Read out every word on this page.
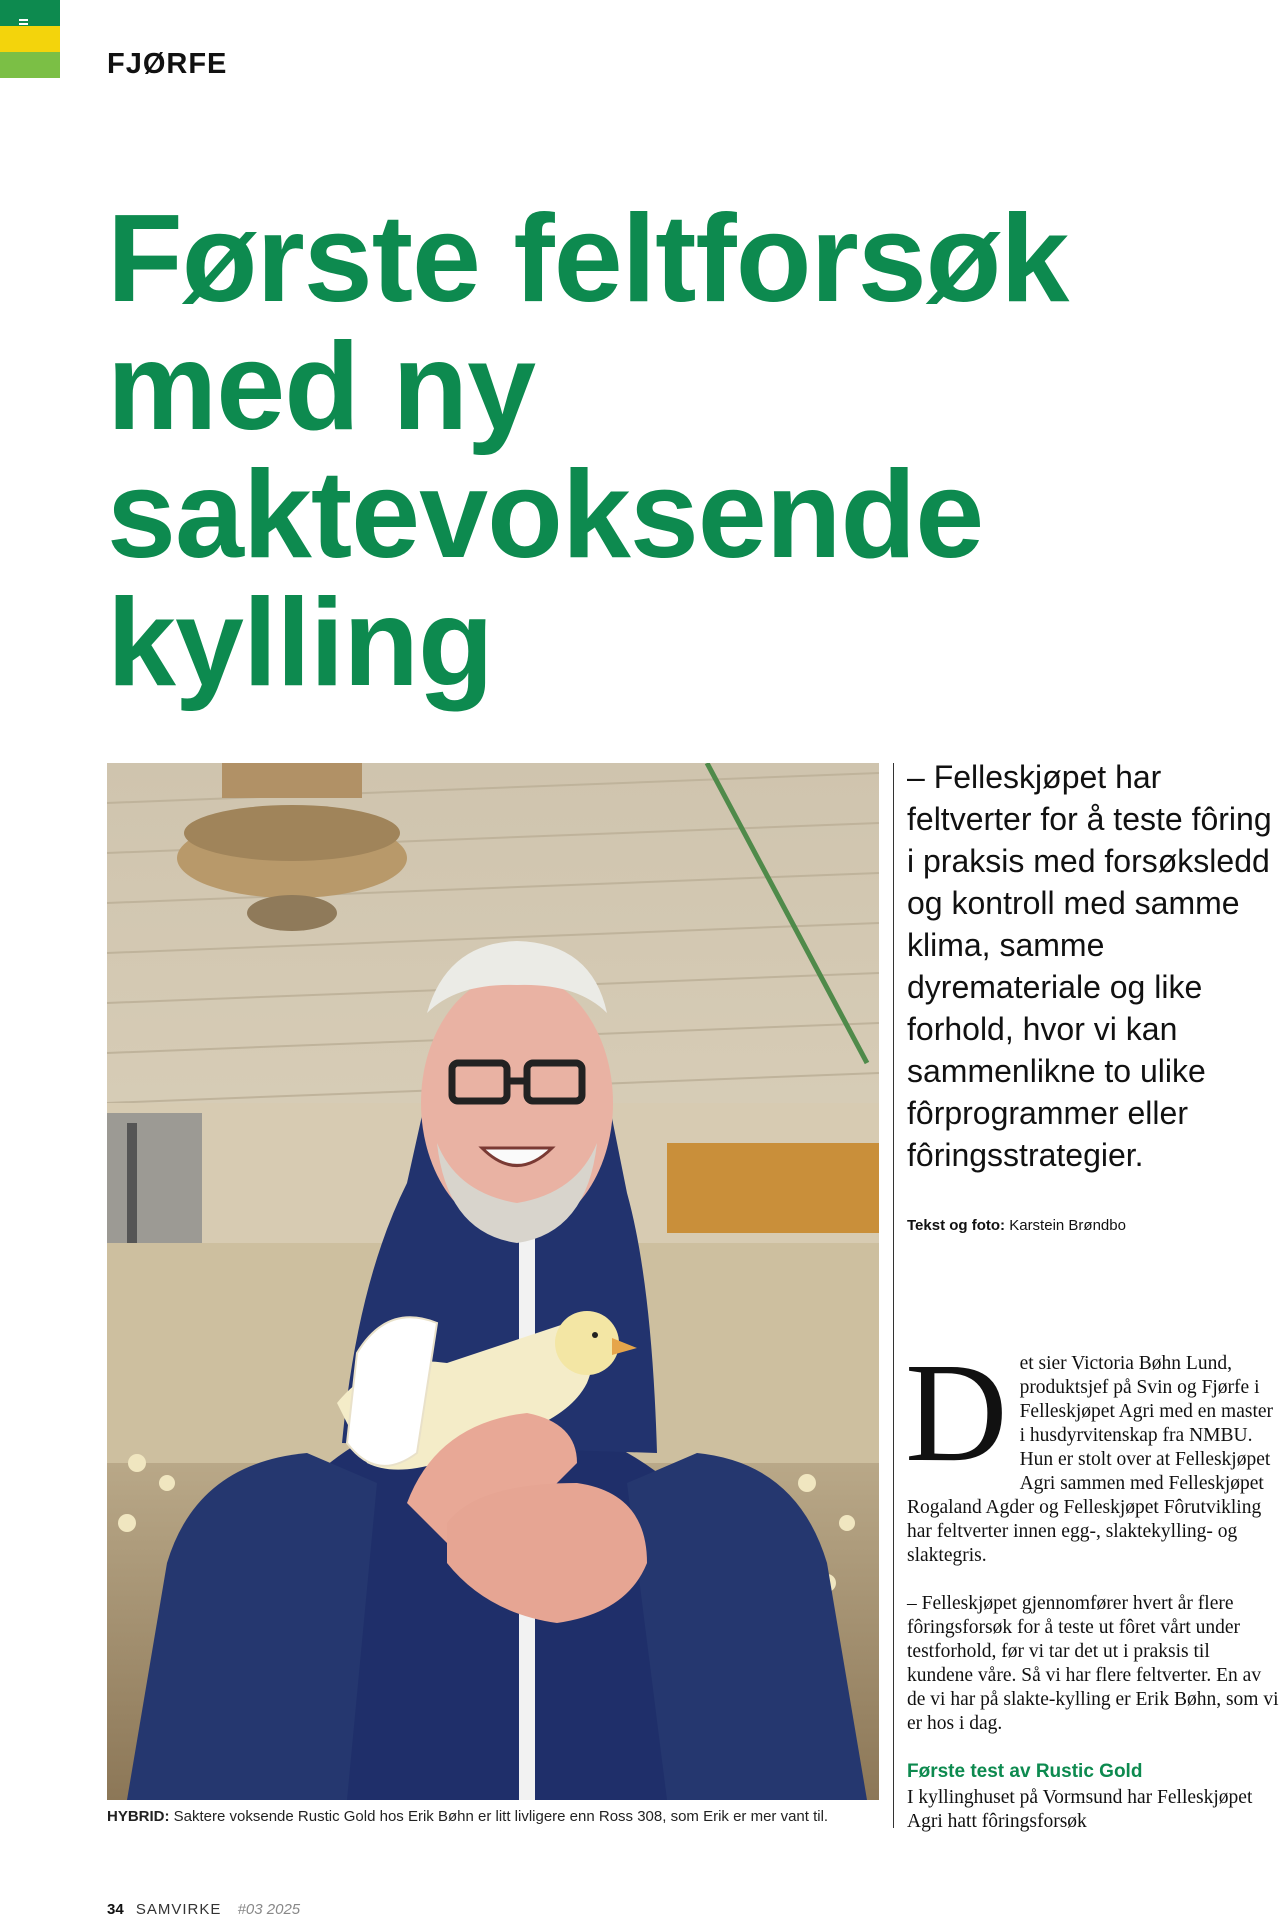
FJØRFE
Første feltforsøk med ny saktevoksende kylling
HYBRID: Saktere voksende Rustic Gold hos Erik Bøhn er litt livligere enn Ross 308, som Erik er mer vant til.

– Felleskjøpet har feltverter for å teste fôring i praksis med forsøksledd og kontroll med samme klima, samme dyremateriale og like forhold, hvor vi kan sammenlikne to ulike fôrprogrammer eller fôringsstrategier.

Tekst og foto: Karstein Brøndbo

Det sier Victoria Bøhn Lund, produktsjef på Svin og Fjørfe i Felleskjøpet Agri med en master i husdyrvitenskap fra NMBU. Hun er stolt over at Felleskjøpet Agri sammen med Felleskjøpet Rogaland Agder og Felleskjøpet Fôrutvikling har feltverter innen egg-, slaktekylling- og slaktegris.

– Felleskjøpet gjennomfører hvert år flere fôringsforsøk for å teste ut fôret vårt under testforhold, før vi tar det ut i praksis til kundene våre. Så vi har flere feltverter. En av de vi har på slakte-kylling er Erik Bøhn, som vi er hos i dag.

Første test av Rustic Gold

I kyllinghuset på Vormsund har Felleskjøpet Agri hatt fôringsforsøk

34 SAMVIRKE #03 2025
